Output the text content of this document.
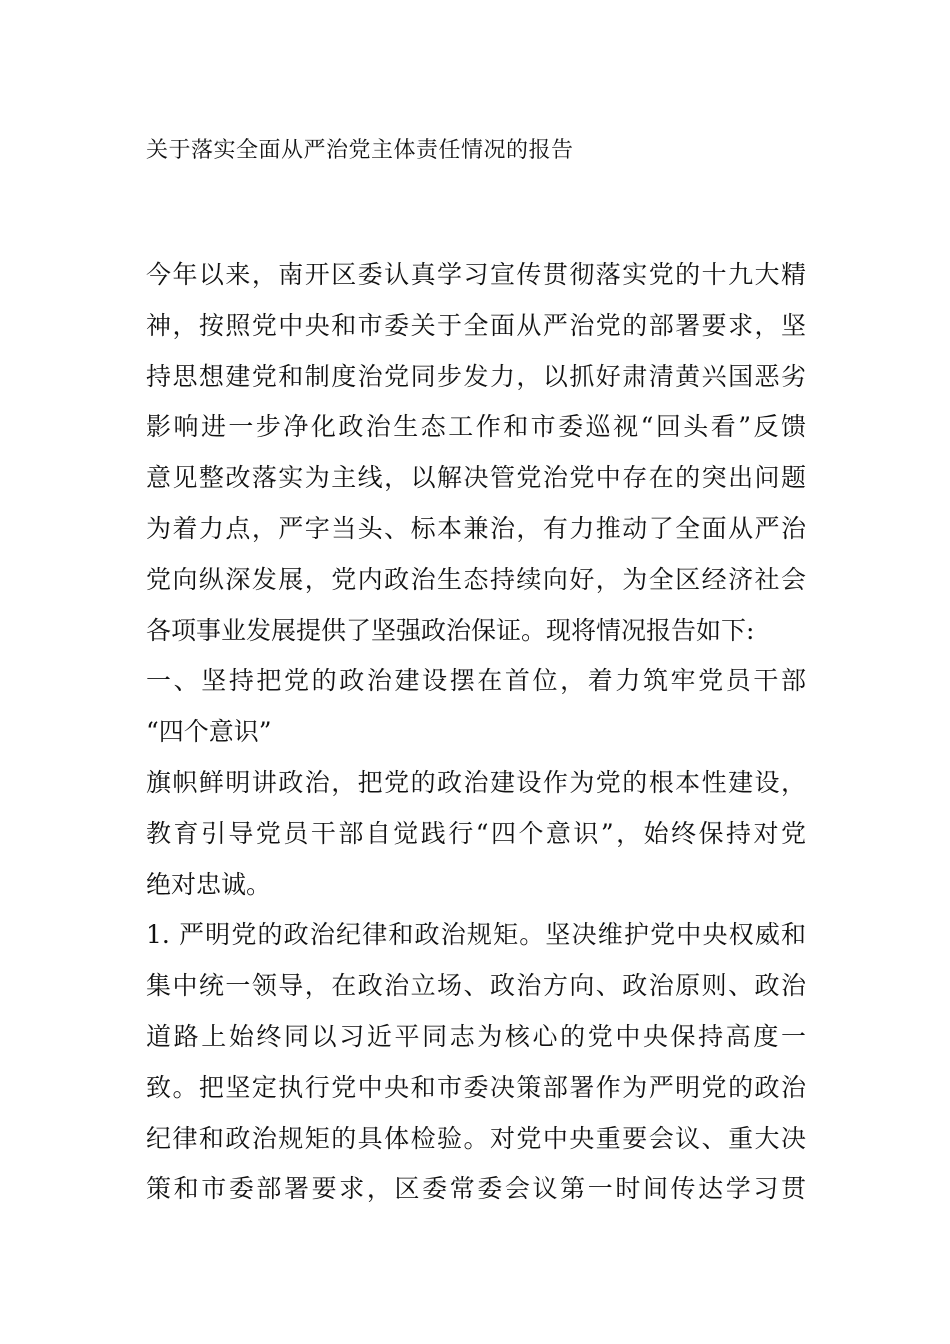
关于落实全面从严治党主体责任情况的报告
今年以来，南开区委认真学习宣传贯彻落实党的十九大精
神，按照党中央和市委关于全面从严治党的部署要求，坚
持思想建党和制度治党同步发力，以抓好肃清黄兴国恶劣
影响进一步净化政治生态工作和市委巡视“回头看”反馈
意见整改落实为主线，以解决管党治党中存在的突出问题
为着力点，严字当头、标本兼治，有力推动了全面从严治
党向纵深发展，党内政治生态持续向好，为全区经济社会
各项事业发展提供了坚强政治保证。现将情况报告如下:
一、坚持把党的政治建设摆在首位，着力筑牢党员干部
“四个意识”
旗帜鲜明讲政治，把党的政治建设作为党的根本性建设，
教育引导党员干部自觉践行“四个意识”，始终保持对党
绝对忠诚。
1. 严明党的政治纪律和政治规矩。坚决维护党中央权威和
集中统一领导，在政治立场、政治方向、政治原则、政治
道路上始终同以习近平同志为核心的党中央保持高度一
致。把坚定执行党中央和市委决策部署作为严明党的政治
纪律和政治规矩的具体检验。对党中央重要会议、重大决
策和市委部署要求，区委常委会议第一时间传达学习贯
